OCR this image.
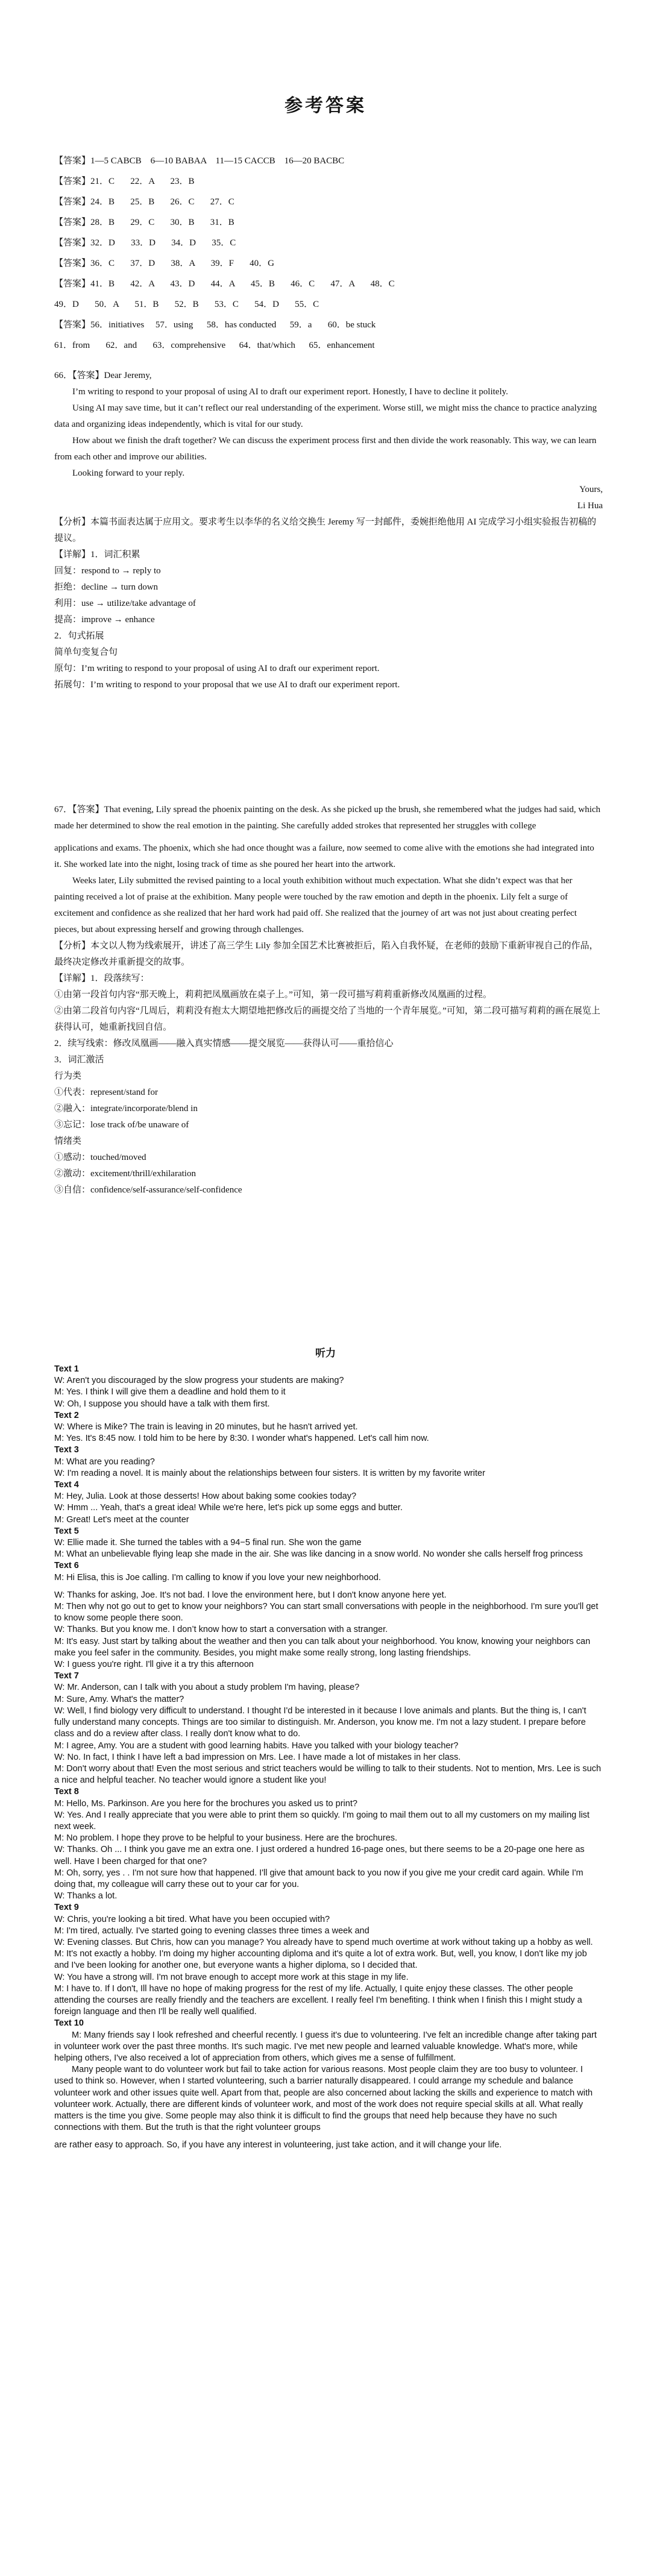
参考答案
【答案】1—5 CABCB    6—10 BABAA    11—15 CACCB    16—20 BACBC
【答案】21．C       22．A       23．B
【答案】24．B       25．B       26．C       27．C
【答案】28．B       29．C       30．B       31．B
【答案】32．D       33．D       34．D       35．C
【答案】36．C       37．D       38．A       39．F       40．G
【答案】41．B       42．A       43．D       44．A       45．B       46．C       47．A       48．C
49．D       50．A       51．B       52．B       53．C       54．D       55．C
【答案】56．initiatives     57．using      58．has conducted      59．a       60．be stuck
61．from       62．and       63．comprehensive      64．that/which      65．enhancement

66．【答案】Dear Jeremy,

I’m writing to respond to your proposal of using AI to draft our experiment report. Honestly, I have to decline it politely.

Using AI may save time, but it can’t reflect our real understanding of the experiment. Worse still, we might miss the chance to practice analyzing data and organizing ideas independently, which is vital for our study.

How about we finish the draft together? We can discuss the experiment process first and then divide the work reasonably. This way, we can learn from each other and improve our abilities.

Looking forward to your reply.

Yours,

Li Hua

【分析】本篇书面表达属于应用文。要求考生以李华的名义给交换生 Jeremy 写一封邮件，委婉拒绝他用 AI 完成学习小组实验报告初稿的提议。

【详解】1．词汇积累

回复：respond to → reply to

拒绝：decline → turn down

利用：use → utilize/take advantage of

提高：improve → enhance

2．句式拓展

简单句变复合句

原句：I’m writing to respond to your proposal of using AI to draft our experiment report.

拓展句：I’m writing to respond to your proposal that we use AI to draft our experiment report.

67．【答案】That evening, Lily spread the phoenix painting on the desk. As she picked up the brush, she remembered what the judges had said, which made her determined to show the real emotion in the painting. She carefully added strokes that represented her struggles with college

applications and exams. The phoenix, which she had once thought was a failure, now seemed to come alive with the emotions she had integrated into it. She worked late into the night, losing track of time as she poured her heart into the artwork.

Weeks later, Lily submitted the revised painting to a local youth exhibition without much expectation. What she didn’t expect was that her painting received a lot of praise at the exhibition. Many people were touched by the raw emotion and depth in the phoenix. Lily felt a surge of excitement and confidence as she realized that her hard work had paid off. She realized that the journey of art was not just about creating perfect pieces, but about expressing herself and growing through challenges.

【分析】本文以人物为线索展开，讲述了高三学生 Lily 参加全国艺术比赛被拒后，陷入自我怀疑，在老师的鼓励下重新审视自己的作品，最终决定修改并重新提交的故事。

【详解】1．段落续写：

①由第一段首句内容“那天晚上，莉莉把凤凰画放在桌子上。”可知，第一段可描写莉莉重新修改凤凰画的过程。

②由第二段首句内容“几周后，莉莉没有抱太大期望地把修改后的画提交给了当地的一个青年展览。”可知，第二段可描写莉莉的画在展览上获得认可，她重新找回自信。

2．续写线索：修改凤凰画——融入真实情感——提交展览——获得认可——重拾信心

3．词汇激活

行为类

①代表：represent/stand for

②融入：integrate/incorporate/blend in

③忘记：lose track of/be unaware of

情绪类

①感动：touched/moved

②激动：excitement/thrill/exhilaration

③自信：confidence/self-assurance/self-confidence

听力

Text 1

W: Aren't you discouraged by the slow progress your students are making?

M: Yes. I think I will give them a deadline and hold them to it

W: Oh, I suppose you should have a talk with them first.

Text 2

W: Where is Mike? The train is leaving in 20 minutes, but he hasn't arrived yet.

M: Yes. It's 8:45 now. I told him to be here by 8:30. I wonder what's happened. Let's call him now.

Text 3

M: What are you reading?

W: I'm reading a novel. It is mainly about the relationships between four sisters. It is written by my favorite writer

Text 4

M: Hey, Julia. Look at those desserts! How about baking some cookies today?

W: Hmm ... Yeah, that's a great idea! While we're here, let's pick up some eggs and butter.

M: Great! Let's meet at the counter

Text 5

W: Ellie made it. She turned the tables with a 94−5 final run. She won the game

M: What an unbelievable flying leap she made in the air. She was like dancing in a snow world. No wonder she calls herself frog princess

Text 6

M: Hi Elisa, this is Joe calling. I'm calling to know if you love your new neighborhood.

W: Thanks for asking, Joe. It's not bad. I love the environment here, but I don't know anyone here yet.

M: Then why not go out to get to know your neighbors? You can start small conversations with people in the neighborhood. I'm sure you'll get to know some people there soon.

W: Thanks. But you know me. I don’t know how to start a conversation with a stranger.

M: It's easy. Just start by talking about the weather and then you can talk about your neighborhood. You know, knowing your neighbors can make you feel safer in the community. Besides, you might make some really strong, long lasting friendships.

W: I guess you're right. I'll give it a try this afternoon

Text 7

W: Mr. Anderson, can I talk with you about a study problem I'm having, please?

M: Sure, Amy. What's the matter?

W: Well, I find biology very difficult to understand. I thought I'd be interested in it because I love animals and plants. But the thing is, I can't fully understand many concepts. Things are too similar to distinguish. Mr. Anderson, you know me. I'm not a lazy student. I prepare before class and do a review after class. I really don't know what to do.

M: I agree, Amy. You are a student with good learning habits. Have you talked with your biology teacher?

W: No. In fact, I think I have left a bad impression on Mrs. Lee. I have made a lot of mistakes in her class.

M: Don't worry about that! Even the most serious and strict teachers would be willing to talk to their students. Not to mention, Mrs. Lee is such a nice and helpful teacher. No teacher would ignore a student like you!

Text 8

M: Hello, Ms. Parkinson. Are you here for the brochures you asked us to print?

W: Yes. And I really appreciate that you were able to print them so quickly. I'm going to mail them out to all my customers on my mailing list next week.

M: No problem. I hope they prove to be helpful to your business. Here are the brochures.

W: Thanks. Oh ... I think you gave me an extra one. I just ordered a hundred 16-page ones, but there seems to be a 20-page one here as well. Have I been charged for that one?

M: Oh, sorry, yes . . I'm not sure how that happened. I'll give that amount back to you now if you give me your credit card again. While I'm doing that, my colleague will carry these out to your car for you.

W: Thanks a lot.

Text 9

W: Chris, you're looking a bit tired. What have you been occupied with?

M: I'm tired, actually. I've started going to evening classes three times a week and

W: Evening classes. But Chris, how can you manage? You already have to spend much overtime at work without taking up a hobby as well.

M: It's not exactly a hobby. I'm doing my higher accounting diploma and it's quite a lot of extra work. But, well, you know, I don't like my job and I've been looking for another one, but everyone wants a higher diploma, so I decided that.

W: You have a strong will. I'm not brave enough to accept more work at this stage in my life.

M: I have to. If I don't, Ill have no hope of making progress for the rest of my life. Actually, I quite enjoy these classes. The other people attending the courses are really friendly and the teachers are excellent. I really feel I'm benefiting. I think when I finish this I might study a foreign language and then I'll be really well qualified.

Text 10

M: Many friends say I look refreshed and cheerful recently. I guess it's due to volunteering. I've felt an incredible change after taking part in volunteer work over the past three months. It's such magic. I've met new people and learned valuable knowledge. What's more, while helping others, I've also received a lot of appreciation from others, which gives me a sense of fulfillment.

Many people want to do volunteer work but fail to take action for various reasons. Most people claim they are too busy to volunteer. I used to think so. However, when I started volunteering, such a barrier naturally disappeared. I could arrange my schedule and balance volunteer work and other issues quite well. Apart from that, people are also concerned about lacking the skills and experience to match with volunteer work. Actually, there are different kinds of volunteer work, and most of the work does not require special skills at all. What really matters is the time you give. Some people may also think it is difficult to find the groups that need help because they have no such connections with them. But the truth is that the right volunteer groups

are rather easy to approach. So, if you have any interest in volunteering, just take action, and it will change your life.
